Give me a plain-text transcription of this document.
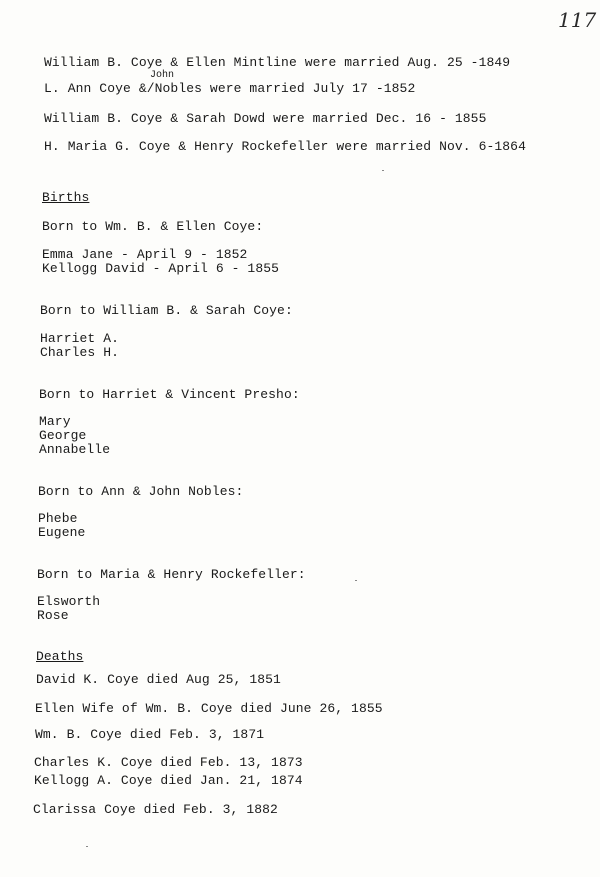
117
William B. Coye & Ellen Mintline were married Aug. 25 -1849
John
L. Ann Coye &/Nobles were married July 17 -1852
William B. Coye & Sarah Dowd were married Dec. 16 - 1855
H. Maria G. Coye & Henry Rockefeller were married Nov. 6-1864
Births
Born to Wm. B. & Ellen Coye:
Emma Jane - April 9 - 1852
Kellogg David - April 6 - 1855
Born to William B. & Sarah Coye:
Harriet A.
Charles H.
Born to Harriet & Vincent Presho:
Mary
George
Annabelle
Born to Ann & John Nobles:
Phebe
Eugene
Born to Maria & Henry Rockefeller:
Elsworth
Rose
Deaths
David K. Coye died Aug 25, 1851
Ellen Wife of Wm. B. Coye died June 26, 1855
Wm. B. Coye died Feb. 3, 1871
Charles K. Coye died Feb. 13, 1873
Kellogg A. Coye died Jan. 21, 1874
Clarissa Coye died Feb. 3, 1882
